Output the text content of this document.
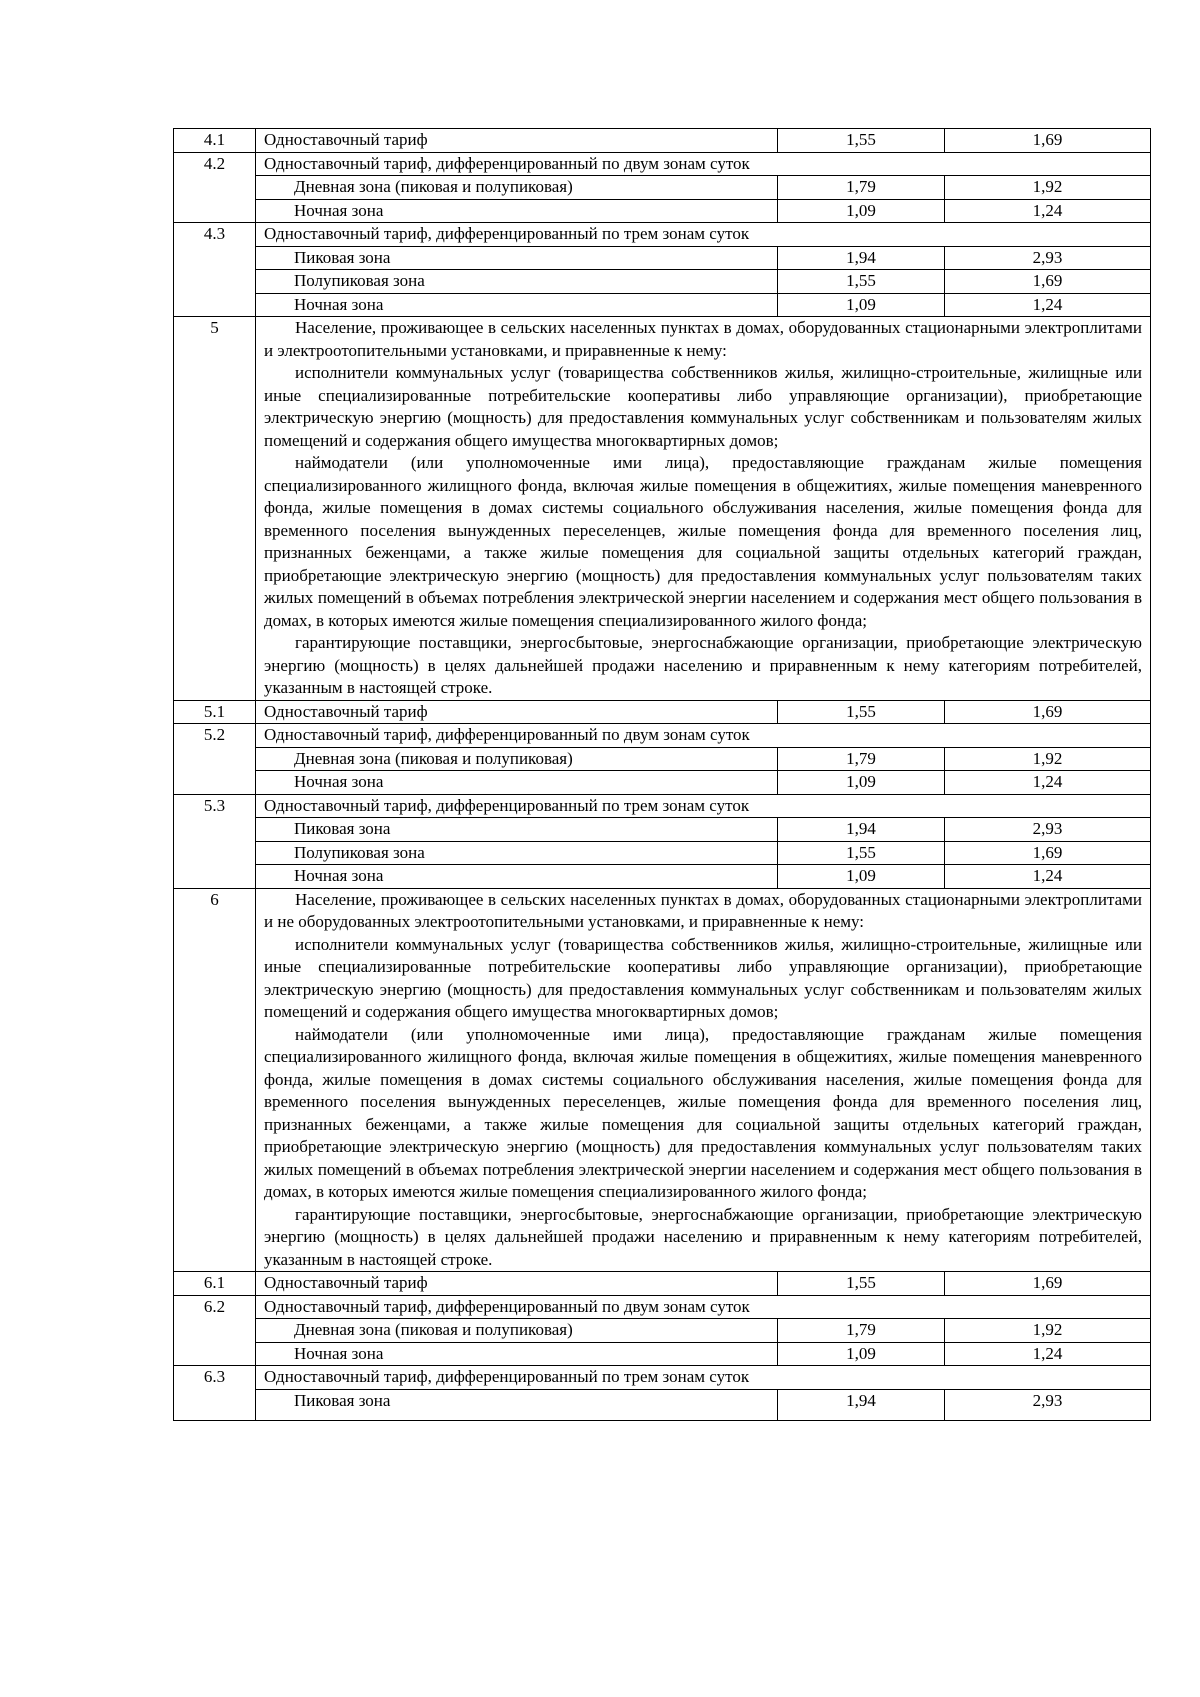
4.1	Одноставочный тариф	1,55	1,69
4.2	Одноставочный тариф, дифференцированный по двум зонам суток		
	Дневная зона (пиковая и полупиковая)	1,79	1,92
	Ночная зона	1,09	1,24
4.3	Одноставочный тариф, дифференцированный по трем зонам суток		
	Пиковая зона	1,94	2,93
	Полупиковая зона	1,55	1,69
	Ночная зона	1,09	1,24
5	Население, проживающее в сельских населенных пунктах в домах, оборудованных стационарными электроплитами и электроотопительными установками, и приравненные к нему:

исполнители коммунальных услуг (товарищества собственников жилья, жилищно-строительные, жилищные или иные специализированные потребительские кооперативы либо управляющие организации), приобретающие электрическую энергию (мощность) для предоставления коммунальных услуг собственникам и пользователям жилых помещений и содержания общего имущества многоквартирных домов;

наймодатели (или уполномоченные ими лица), предоставляющие гражданам жилые помещения специализированного жилищного фонда, включая жилые помещения в общежитиях, жилые помещения маневренного фонда, жилые помещения в домах системы социального обслуживания населения, жилые помещения фонда для временного поселения вынужденных переселенцев, жилые помещения фонда для временного поселения лиц, признанных беженцами, а также жилые помещения для социальной защиты отдельных категорий граждан, приобретающие электрическую энергию (мощность) для предоставления коммунальных услуг пользователям таких жилых помещений в объемах потребления электрической энергии населением и содержания мест общего пользования в домах, в которых имеются жилые помещения специализированного жилого фонда;

гарантирующие поставщики, энергосбытовые, энергоснабжающие организации, приобретающие электрическую энергию (мощность) в целях дальнейшей продажи населению и приравненным к нему категориям потребителей, указанным в настоящей строке.		

5.1	Одноставочный тариф	1,55	1,69
5.2	Одноставочный тариф, дифференцированный по двум зонам суток		
	Дневная зона (пиковая и полупиковая)	1,79	1,92
	Ночная зона	1,09	1,24
5.3	Одноставочный тариф, дифференцированный по трем зонам суток		
	Пиковая зона	1,94	2,93
	Полупиковая зона	1,55	1,69
	Ночная зона	1,09	1,24
6	Население, проживающее в сельских населенных пунктах в домах, оборудованных стационарными электроплитами и не оборудованных электроотопительными установками, и приравненные к нему:

исполнители коммунальных услуг (товарищества собственников жилья, жилищно-строительные, жилищные или иные специализированные потребительские кооперативы либо управляющие организации), приобретающие электрическую энергию (мощность) для предоставления коммунальных услуг собственникам и пользователям жилых помещений и содержания общего имущества многоквартирных домов;

наймодатели (или уполномоченные ими лица), предоставляющие гражданам жилые помещения специализированного жилищного фонда, включая жилые помещения в общежитиях, жилые помещения маневренного фонда, жилые помещения в домах системы социального обслуживания населения, жилые помещения фонда для временного поселения вынужденных переселенцев, жилые помещения фонда для временного поселения лиц, признанных беженцами, а также жилые помещения для социальной защиты отдельных категорий граждан, приобретающие электрическую энергию (мощность) для предоставления коммунальных услуг пользователям таких жилых помещений в объемах потребления электрической энергии населением и содержания мест общего пользования в домах, в которых имеются жилые помещения специализированного жилого фонда;

гарантирующие поставщики, энергосбытовые, энергоснабжающие организации, приобретающие электрическую энергию (мощность) в целях дальнейшей продажи населению и приравненным к нему категориям потребителей, указанным в настоящей строке.		

6.1	Одноставочный тариф	1,55	1,69
6.2	Одноставочный тариф, дифференцированный по двум зонам суток		
	Дневная зона (пиковая и полупиковая)	1,79	1,92
	Ночная зона	1,09	1,24
6.3	Одноставочный тариф, дифференцированный по трем зонам суток		
	Пиковая зона	1,94	2,93
